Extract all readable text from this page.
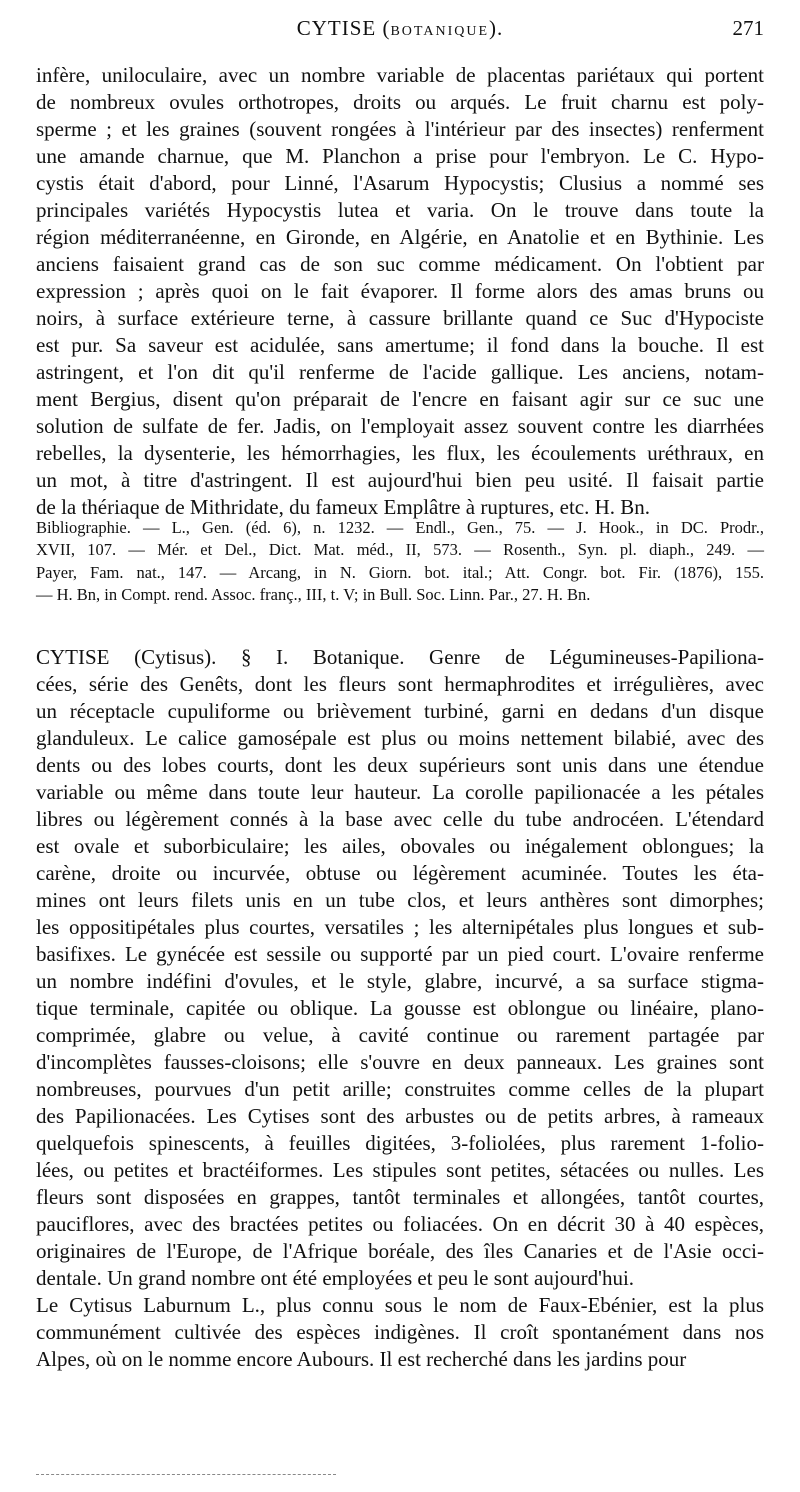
CYTISE (BOTANIQUE).	271
infère, uniloculaire, avec un nombre variable de placentas pariétaux qui portent
de nombreux ovules orthotropes, droits ou arqués. Le fruit charnu est poly-
sperme ; et les graines (souvent rongées à l'intérieur par des insectes) renferment
une amande charnue, que M. Planchon a prise pour l'embryon. Le C. Hypo-
cystis était d'abord, pour Linné, l'Asarum Hypocystis; Clusius a nommé ses
principales variétés Hypocystis lutea et varia. On le trouve dans toute la
région méditerranéenne, en Gironde, en Algérie, en Anatolie et en Bythinie. Les
anciens faisaient grand cas de son suc comme médicament. On l'obtient par
expression ; après quoi on le fait évaporer. Il forme alors des amas bruns ou
noirs, à surface extérieure terne, à cassure brillante quand ce Suc d'Hypociste
est pur. Sa saveur est acidulée, sans amertume; il fond dans la bouche. Il est
astringent, et l'on dit qu'il renferme de l'acide gallique. Les anciens, notam-
ment Bergius, disent qu'on préparait de l'encre en faisant agir sur ce suc une
solution de sulfate de fer. Jadis, on l'employait assez souvent contre les diarrhées
rebelles, la dysenterie, les hémorrhagies, les flux, les écoulements uréthraux, en
un mot, à titre d'astringent. Il est aujourd'hui bien peu usité. Il faisait partie
de la thériaque de Mithridate, du fameux Emplâtre à ruptures, etc. H. Bn.
Bibliographie. — L., Gen. (éd. 6), n. 1232. — Endl., Gen., 75. — J. Hook., in DC. Prodr.,
XVII, 107. — Mér. et Del., Dict. Mat. méd., II, 573. — Rosenth., Syn. pl. diaph., 249. —
Payer, Fam. nat., 147. — Arcang, in N. Giorn. bot. ital.; Att. Congr. bot. Fir. (1876), 155.
— H. Bn, in Compt. rend. Assoc. franç., III, t. V; in Bull. Soc. Linn. Par., 27. H. Bn.
CYTISE (Cytisus). § I. Botanique. Genre de Légumineuses-Papiliona-
cées, série des Genêts, dont les fleurs sont hermaphrodites et irrégulières, avec
un réceptacle cupuliforme ou brièvement turbiné, garni en dedans d'un disque
glanduleux. Le calice gamosépale est plus ou moins nettement bilabié, avec des
dents ou des lobes courts, dont les deux supérieurs sont unis dans une étendue
variable ou même dans toute leur hauteur. La corolle papilionacée a les pétales
libres ou légèrement connés à la base avec celle du tube androcéen. L'étendard
est ovale et suborbiculaire; les ailes, obovales ou inégalement oblongues; la
carène, droite ou incurvée, obtuse ou légèrement acuminée. Toutes les éta-
mines ont leurs filets unis en un tube clos, et leurs anthères sont dimorphes;
les oppositipétales plus courtes, versatiles ; les alternipétales plus longues et sub-
basifixes. Le gynécée est sessile ou supporté par un pied court. L'ovaire renferme
un nombre indéfini d'ovules, et le style, glabre, incurvé, a sa surface stigma-
tique terminale, capitée ou oblique. La gousse est oblongue ou linéaire, plano-
comprimée, glabre ou velue, à cavité continue ou rarement partagée par
d'incomplètes fausses-cloisons; elle s'ouvre en deux panneaux. Les graines sont
nombreuses, pourvues d'un petit arille; construites comme celles de la plupart
des Papilionacées. Les Cytises sont des arbustes ou de petits arbres, à rameaux
quelquefois spinescents, à feuilles digitées, 3-foliolées, plus rarement 1-folio-
lées, ou petites et bractéiformes. Les stipules sont petites, sétacées ou nulles. Les
fleurs sont disposées en grappes, tantôt terminales et allongées, tantôt courtes,
pauciflores, avec des bractées petites ou foliacées. On en décrit 30 à 40 espèces,
originaires de l'Europe, de l'Afrique boréale, des îles Canaries et de l'Asie occi-
dentale. Un grand nombre ont été employées et peu le sont aujourd'hui.
Le Cytisus Laburnum L., plus connu sous le nom de Faux-Ebénier, est la plus
communément cultivée des espèces indigènes. Il croît spontanément dans nos
Alpes, où on le nomme encore Aubours. Il est recherché dans les jardins pour
